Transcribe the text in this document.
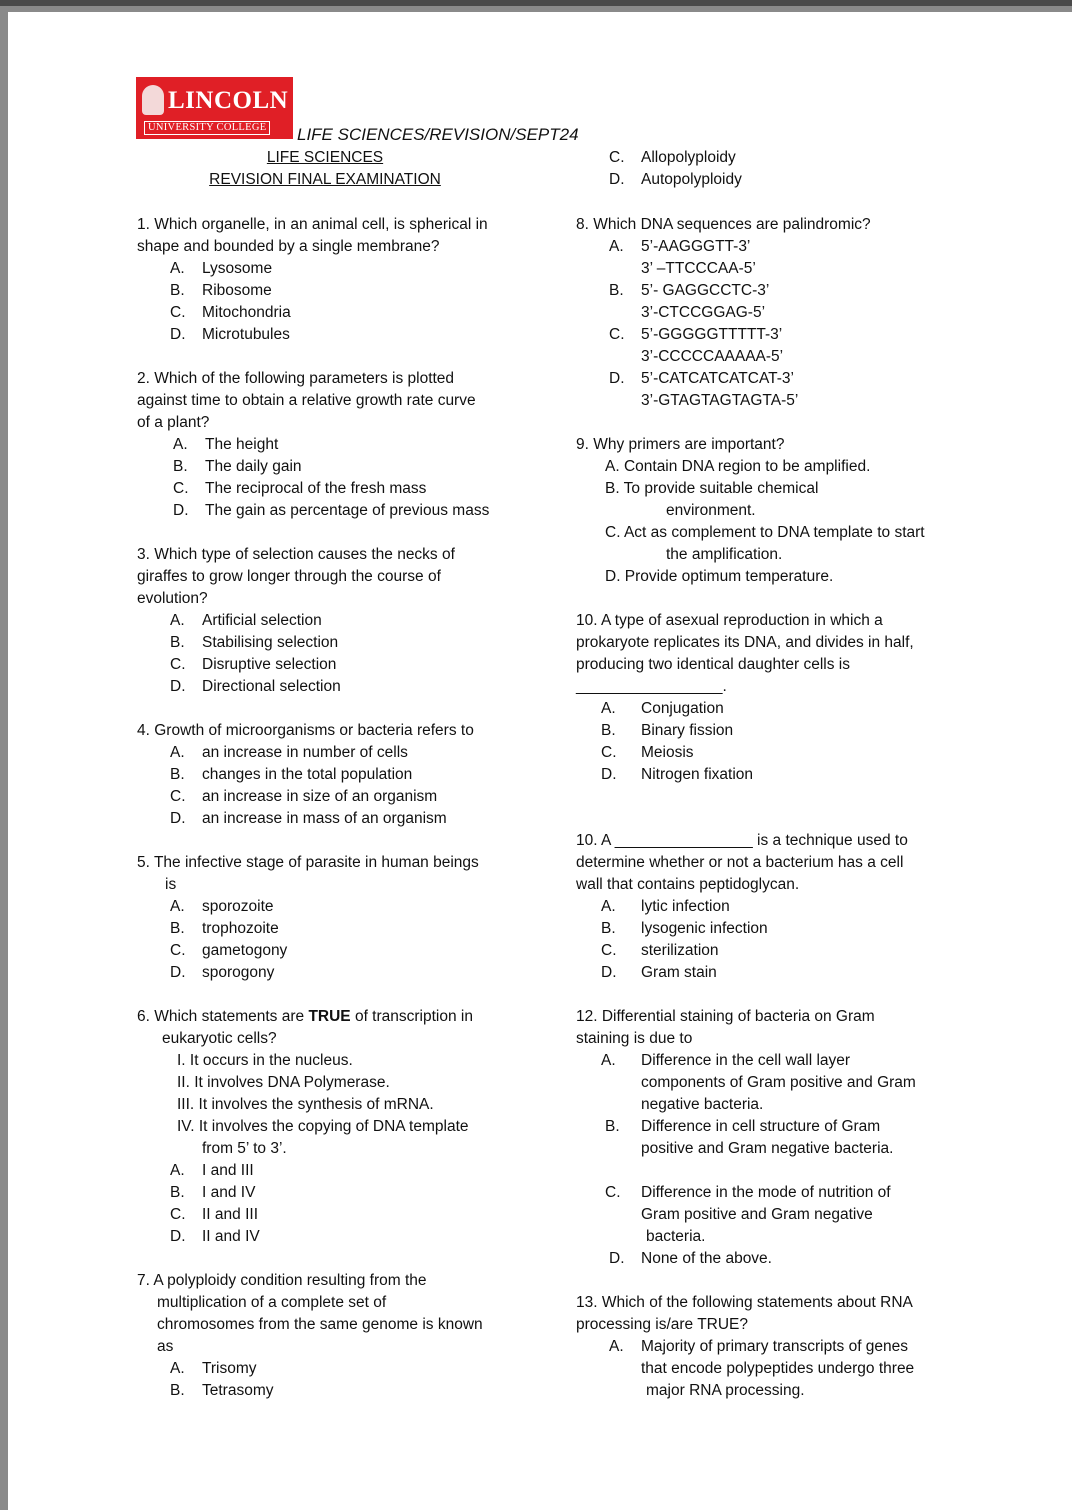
LINCOLN
UNIVERSITY COLLEGE LIFE SCIENCES/REVISION/SEPT24
LIFE SCIENCES
REVISION FINAL EXAMINATION
1. Which organelle, in an animal cell, is spherical in
shape and bounded by a single membrane?
A. Lysosome
B. Ribosome
C. Mitochondria
D. Microtubules
2. Which of the following parameters is plotted
against time to obtain a relative growth rate curve
of a plant?
A. The height
B. The daily gain
C. The reciprocal of the fresh mass
D. The gain as percentage of previous mass
3. Which type of selection causes the necks of
giraffes to grow longer through the course of
evolution?
A. Artificial selection
B. Stabilising selection
C. Disruptive selection
D. Directional selection
4. Growth of microorganisms or bacteria refers to
A. an increase in number of cells
B. changes in the total population
C. an increase in size of an organism
D. an increase in mass of an organism
5. The infective stage of parasite in human beings
is
A. sporozoite
B. trophozoite
C. gametogony
D. sporogony
6. Which statements are TRUE of transcription in
eukaryotic cells?
I. It occurs in the nucleus.
II. It involves DNA Polymerase.
III. It involves the synthesis of mRNA.
IV. It involves the copying of DNA template
from 5’ to 3’.
A. I and III
B. I and IV
C. II and III
D. II and IV
7. A polyploidy condition resulting from the
multiplication of a complete set of
chromosomes from the same genome is known
as
A. Trisomy
B. Tetrasomy
C. Allopolyploidy
D. Autopolyploidy
8. Which DNA sequences are palindromic?
A. 5’-AAGGGTT-3’
3’ –TTCCCAA-5’
B. 5’- GAGGCCTC-3’
3’-CTCCGGAG-5’
C. 5’-GGGGGTTTTT-3’
3’-CCCCCAAAAA-5’
D. 5’-CATCATCATCAT-3’
3’-GTAGTAGTAGTA-5’
9. Why primers are important?
A. Contain DNA region to be amplified.
B. To provide suitable chemical
environment.
C. Act as complement to DNA template to start
the amplification.
D. Provide optimum temperature.
10. A type of asexual reproduction in which a
prokaryote replicates its DNA, and divides in half,
producing two identical daughter cells is
_________________.
A. Conjugation
B. Binary fission
C. Meiosis
D. Nitrogen fixation
10. A ________________ is a technique used to
determine whether or not a bacterium has a cell
wall that contains peptidoglycan.
A. lytic infection
B. lysogenic infection
C. sterilization
D. Gram stain
12. Differential staining of bacteria on Gram
staining is due to
A. Difference in the cell wall layer
components of Gram positive and Gram
negative bacteria.
B. Difference in cell structure of Gram
positive and Gram negative bacteria.
C. Difference in the mode of nutrition of
Gram positive and Gram negative
bacteria.
D. None of the above.
13. Which of the following statements about RNA
processing is/are TRUE?
A. Majority of primary transcripts of genes
that encode polypeptides undergo three
major RNA processing.
